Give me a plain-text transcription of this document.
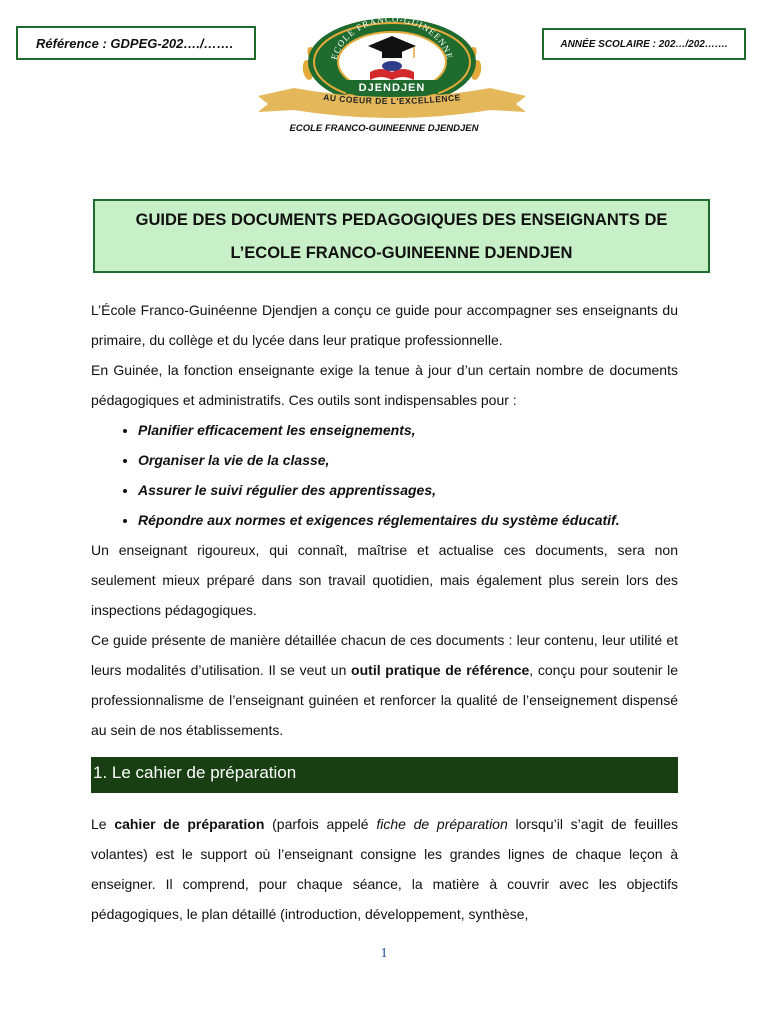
Référence : GDPEG-202…./…….
ECOLE FRANCO-GUINEENNE
DJENDJEN
AU COEUR DE L'EXCELLENCE
ANNÉE SCOLAIRE : 202…/202…….
ECOLE FRANCO-GUINEENNE DJENDJEN
GUIDE DES DOCUMENTS PEDAGOGIQUES DES ENSEIGNANTS DE
L’ECOLE FRANCO-GUINEENNE DJENDJEN

L’École Franco-Guinéenne Djendjen a conçu ce guide pour accompagner ses enseignants du primaire, du collège et du lycée dans leur pratique professionnelle.

En Guinée, la fonction enseignante exige la tenue à jour d’un certain nombre de documents pédagogiques et administratifs. Ces outils sont indispensables pour :

• Planifier efficacement les enseignements,
• Organiser la vie de la classe,
• Assurer le suivi régulier des apprentissages,
• Répondre aux normes et exigences réglementaires du système éducatif.

Un enseignant rigoureux, qui connaît, maîtrise et actualise ces documents, sera non seulement mieux préparé dans son travail quotidien, mais également plus serein lors des inspections pédagogiques.

Ce guide présente de manière détaillée chacun de ces documents : leur contenu, leur utilité et leurs modalités d’utilisation. Il se veut un outil pratique de référence, conçu pour soutenir le professionnalisme de l’enseignant guinéen et renforcer la qualité de l’enseignement dispensé au sein de nos établissements.

1. Le cahier de préparation

Le cahier de préparation (parfois appelé fiche de préparation lorsqu’il s’agit de feuilles volantes) est le support où l’enseignant consigne les grandes lignes de chaque leçon à enseigner. Il comprend, pour chaque séance, la matière à couvrir avec les objectifs pédagogiques, le plan détaillé (introduction, développement, synthèse,

1
